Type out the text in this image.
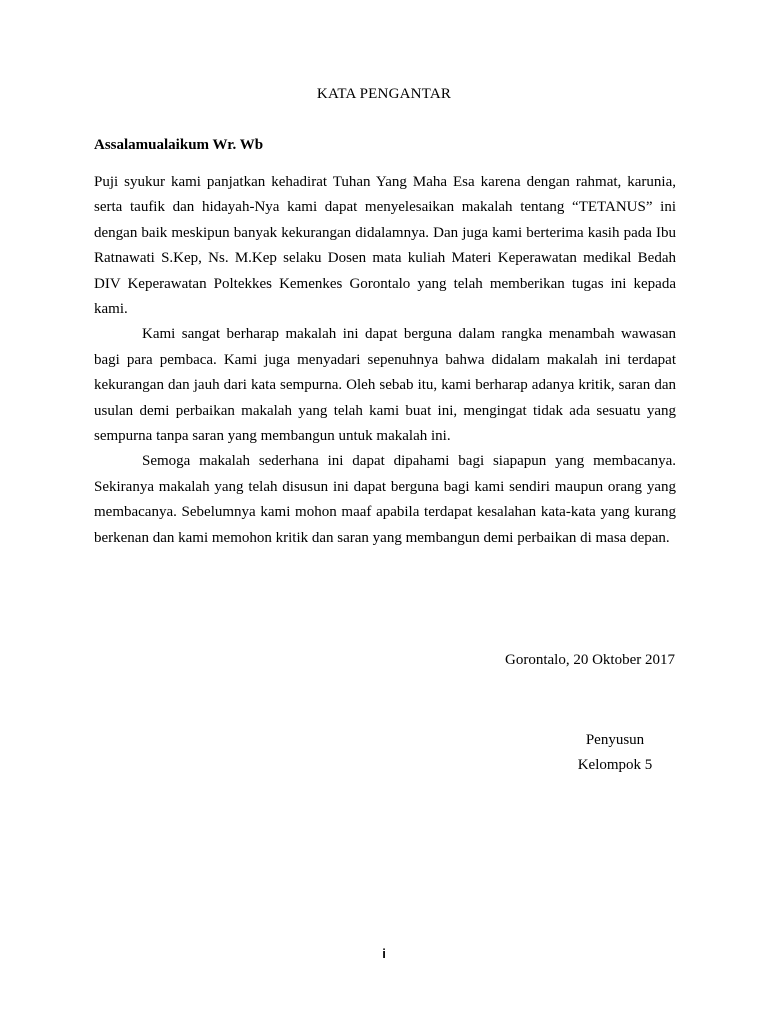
KATA PENGANTAR
Assalamualaikum Wr. Wb

Puji syukur kami panjatkan kehadirat Tuhan Yang Maha Esa karena dengan rahmat, karunia, serta taufik dan hidayah-Nya kami dapat menyelesaikan makalah tentang “TETANUS” ini dengan baik meskipun banyak kekurangan didalamnya. Dan juga kami berterima kasih pada Ibu Ratnawati S.Kep, Ns. M.Kep selaku Dosen mata kuliah Materi Keperawatan medikal Bedah DIV Keperawatan Poltekkes Kemenkes Gorontalo yang telah memberikan tugas ini kepada kami.

Kami sangat berharap makalah ini dapat berguna dalam rangka menambah wawasan bagi para pembaca. Kami juga menyadari sepenuhnya bahwa didalam makalah ini terdapat kekurangan dan jauh dari kata sempurna. Oleh sebab itu, kami berharap adanya kritik, saran dan usulan demi perbaikan makalah yang telah kami buat ini, mengingat tidak ada sesuatu yang sempurna tanpa saran yang membangun untuk makalah ini.

Semoga makalah sederhana ini dapat dipahami bagi siapapun yang membacanya. Sekiranya makalah yang telah disusun ini dapat berguna bagi kami sendiri maupun orang yang membacanya. Sebelumnya kami mohon maaf apabila terdapat kesalahan kata-kata yang kurang berkenan dan kami memohon kritik dan saran yang membangun demi perbaikan di masa depan.

Gorontalo, 20 Oktober 2017
Penyusun
Kelompok 5
i
